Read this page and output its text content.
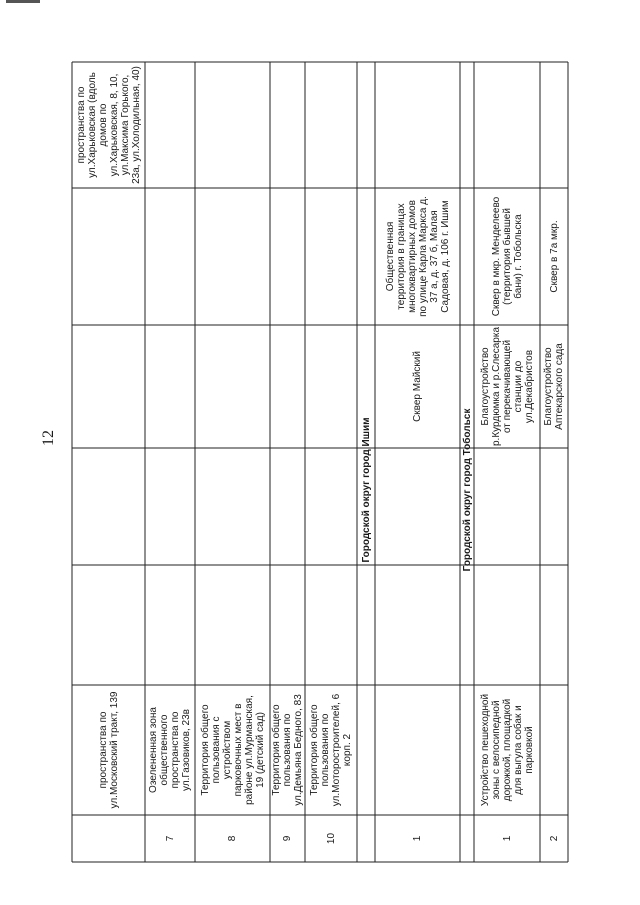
12
пространства по
ул.Московский тракт, 139
пространства по
ул.Харьковская (вдоль
домов по
ул.Харьковская, 8, 10,
ул.Максима Горького,
23а, ул.Холодильная, 40)
7
Озелененная зона
общественного
пространства по
ул.Газовиков, 23в
8
Территория общего
пользования с
устройством
парковочных мест в
районе ул.Мурманская,
19 (детский сад)
9
Территория общего
пользования по
ул.Демьяна Бедного, 83
10
Территория общего
пользования по
ул.Моторостроителей, 6
корп. 2
Городской округ город Ишим
1
Сквер Майский
Общественная
территория в границах
многоквартирных домов
по улице Карла Маркса д.
37 а, д. 37 б, Малая
Садовая, д. 106 г. Ишим
Городской округ город Тобольск
1
Устройство пешеходной
зоны с велосипедной
дорожкой, площадкой
для выгула собак и
парковкой
Благоустройство
р.Курдюмка и р.Слесарка
от перекачивающей
станции до
ул.Декабристов
Сквер в мкр. Менделеево
(территория бывшей
бани) г. Тобольска
2
Благоустройство
Аптекарского сада
Сквер в 7а мкр.
